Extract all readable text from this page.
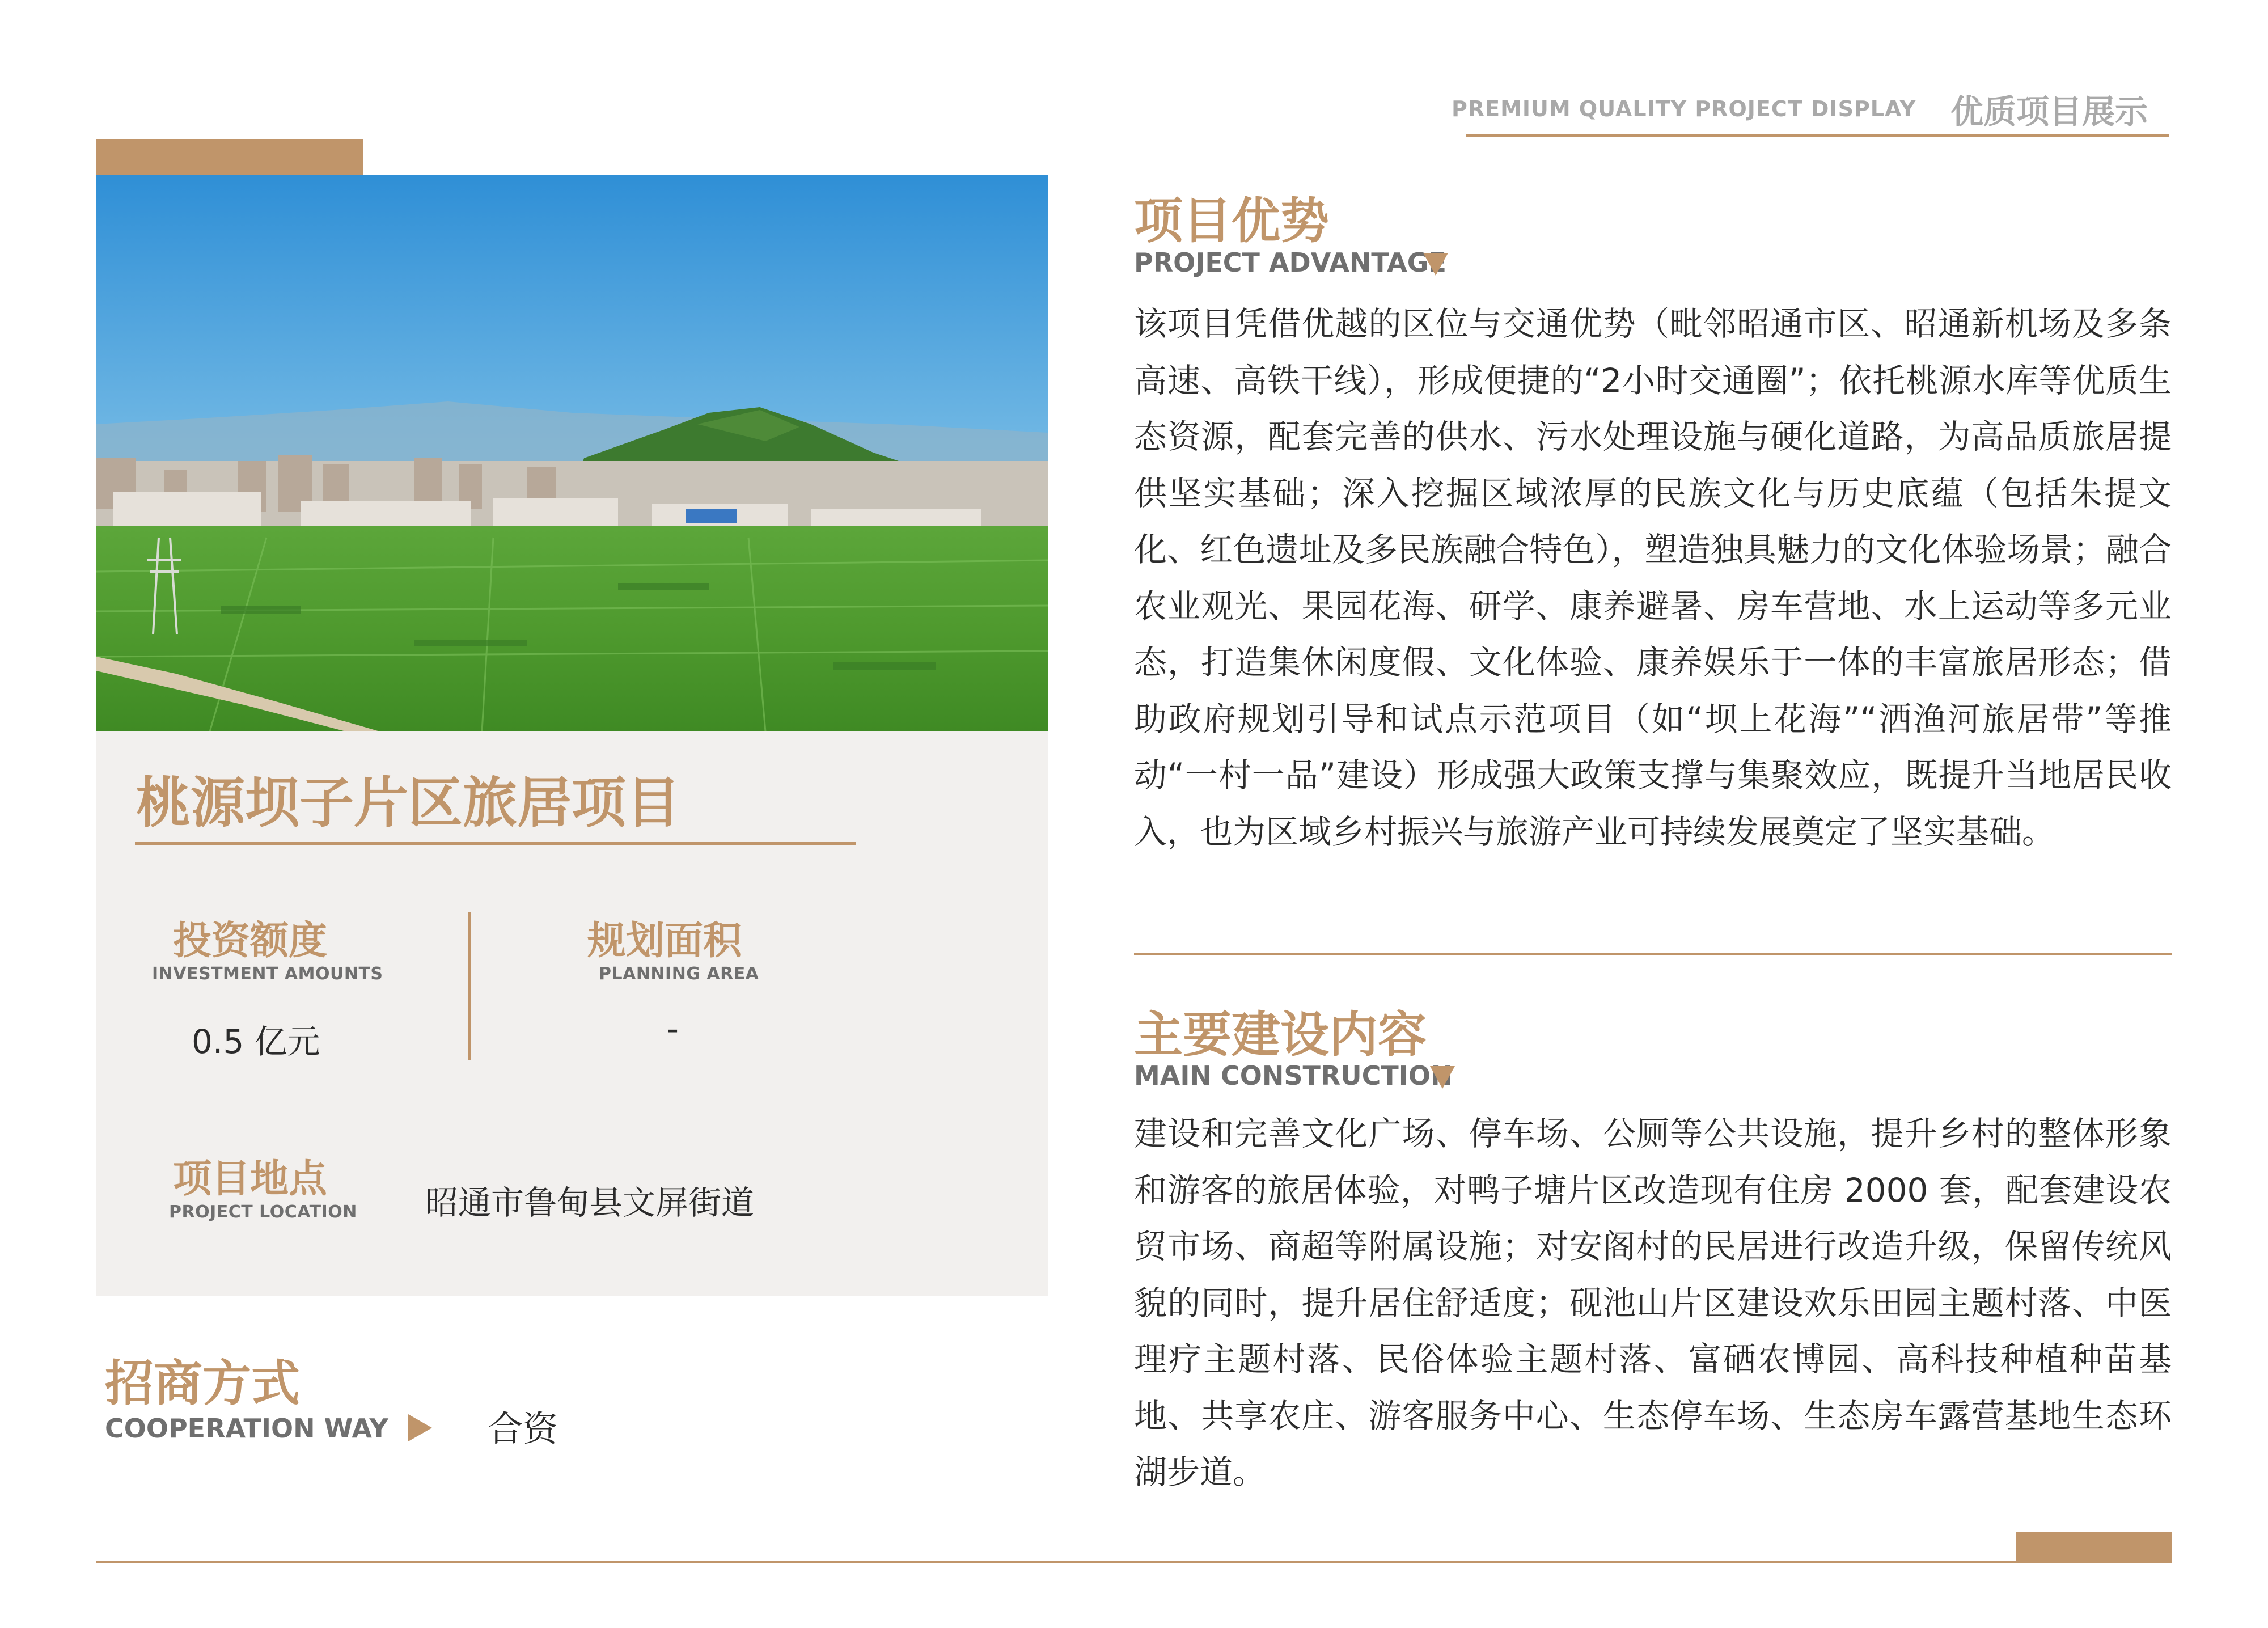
PREMIUM QUALITY PROJECT DISPLAY 优质项目展示
桃源坝子片区旅居项目
投资额度
INVESTMENT AMOUNTS
0.5 亿元
规划面积
PLANNING AREA
-
项目地点
PROJECT LOCATION 昭通市鲁甸县文屏街道
招商方式
COOPERATION WAY	合资
项目优势
PROJECT ADVANTAGE
该项目凭借优越的区位与交通优势（毗邻昭通市区、昭通新机场及多条高速、高铁干线），形成便捷的“2小时交通圈”；依托桃源水库等优质生态资源，配套完善的供水、污水处理设施与硬化道路，为高品质旅居提供坚实基础；深入挖掘区域浓厚的民族文化与历史底蕴（包括朱提文化、红色遗址及多民族融合特色），塑造独具魅力的文化体验场景；融合农业观光、果园花海、研学、康养避暑、房车营地、水上运动等多元业态，打造集休闲度假、文化体验、康养娱乐于一体的丰富旅居形态；借助政府规划引导和试点示范项目（如“坝上花海”“洒渔河旅居带”等推动“一村一品”建设）形成强大政策支撑与集聚效应，既提升当地居民收入，也为区域乡村振兴与旅游产业可持续发展奠定了坚实基础。
主要建设内容
MAIN CONSTRUCTION
建设和完善文化广场、停车场、公厕等公共设施，提升乡村的整体形象和游客的旅居体验，对鸭子塘片区改造现有住房 2000 套，配套建设农贸市场、商超等附属设施；对安阁村的民居进行改造升级，保留传统风貌的同时，提升居住舒适度；砚池山片区建设欢乐田园主题村落、中医理疗主题村落、民俗体验主题村落、富硒农博园、高科技种植种苗基地、共享农庄、游客服务中心、生态停车场、生态房车露营基地生态环湖步道。
